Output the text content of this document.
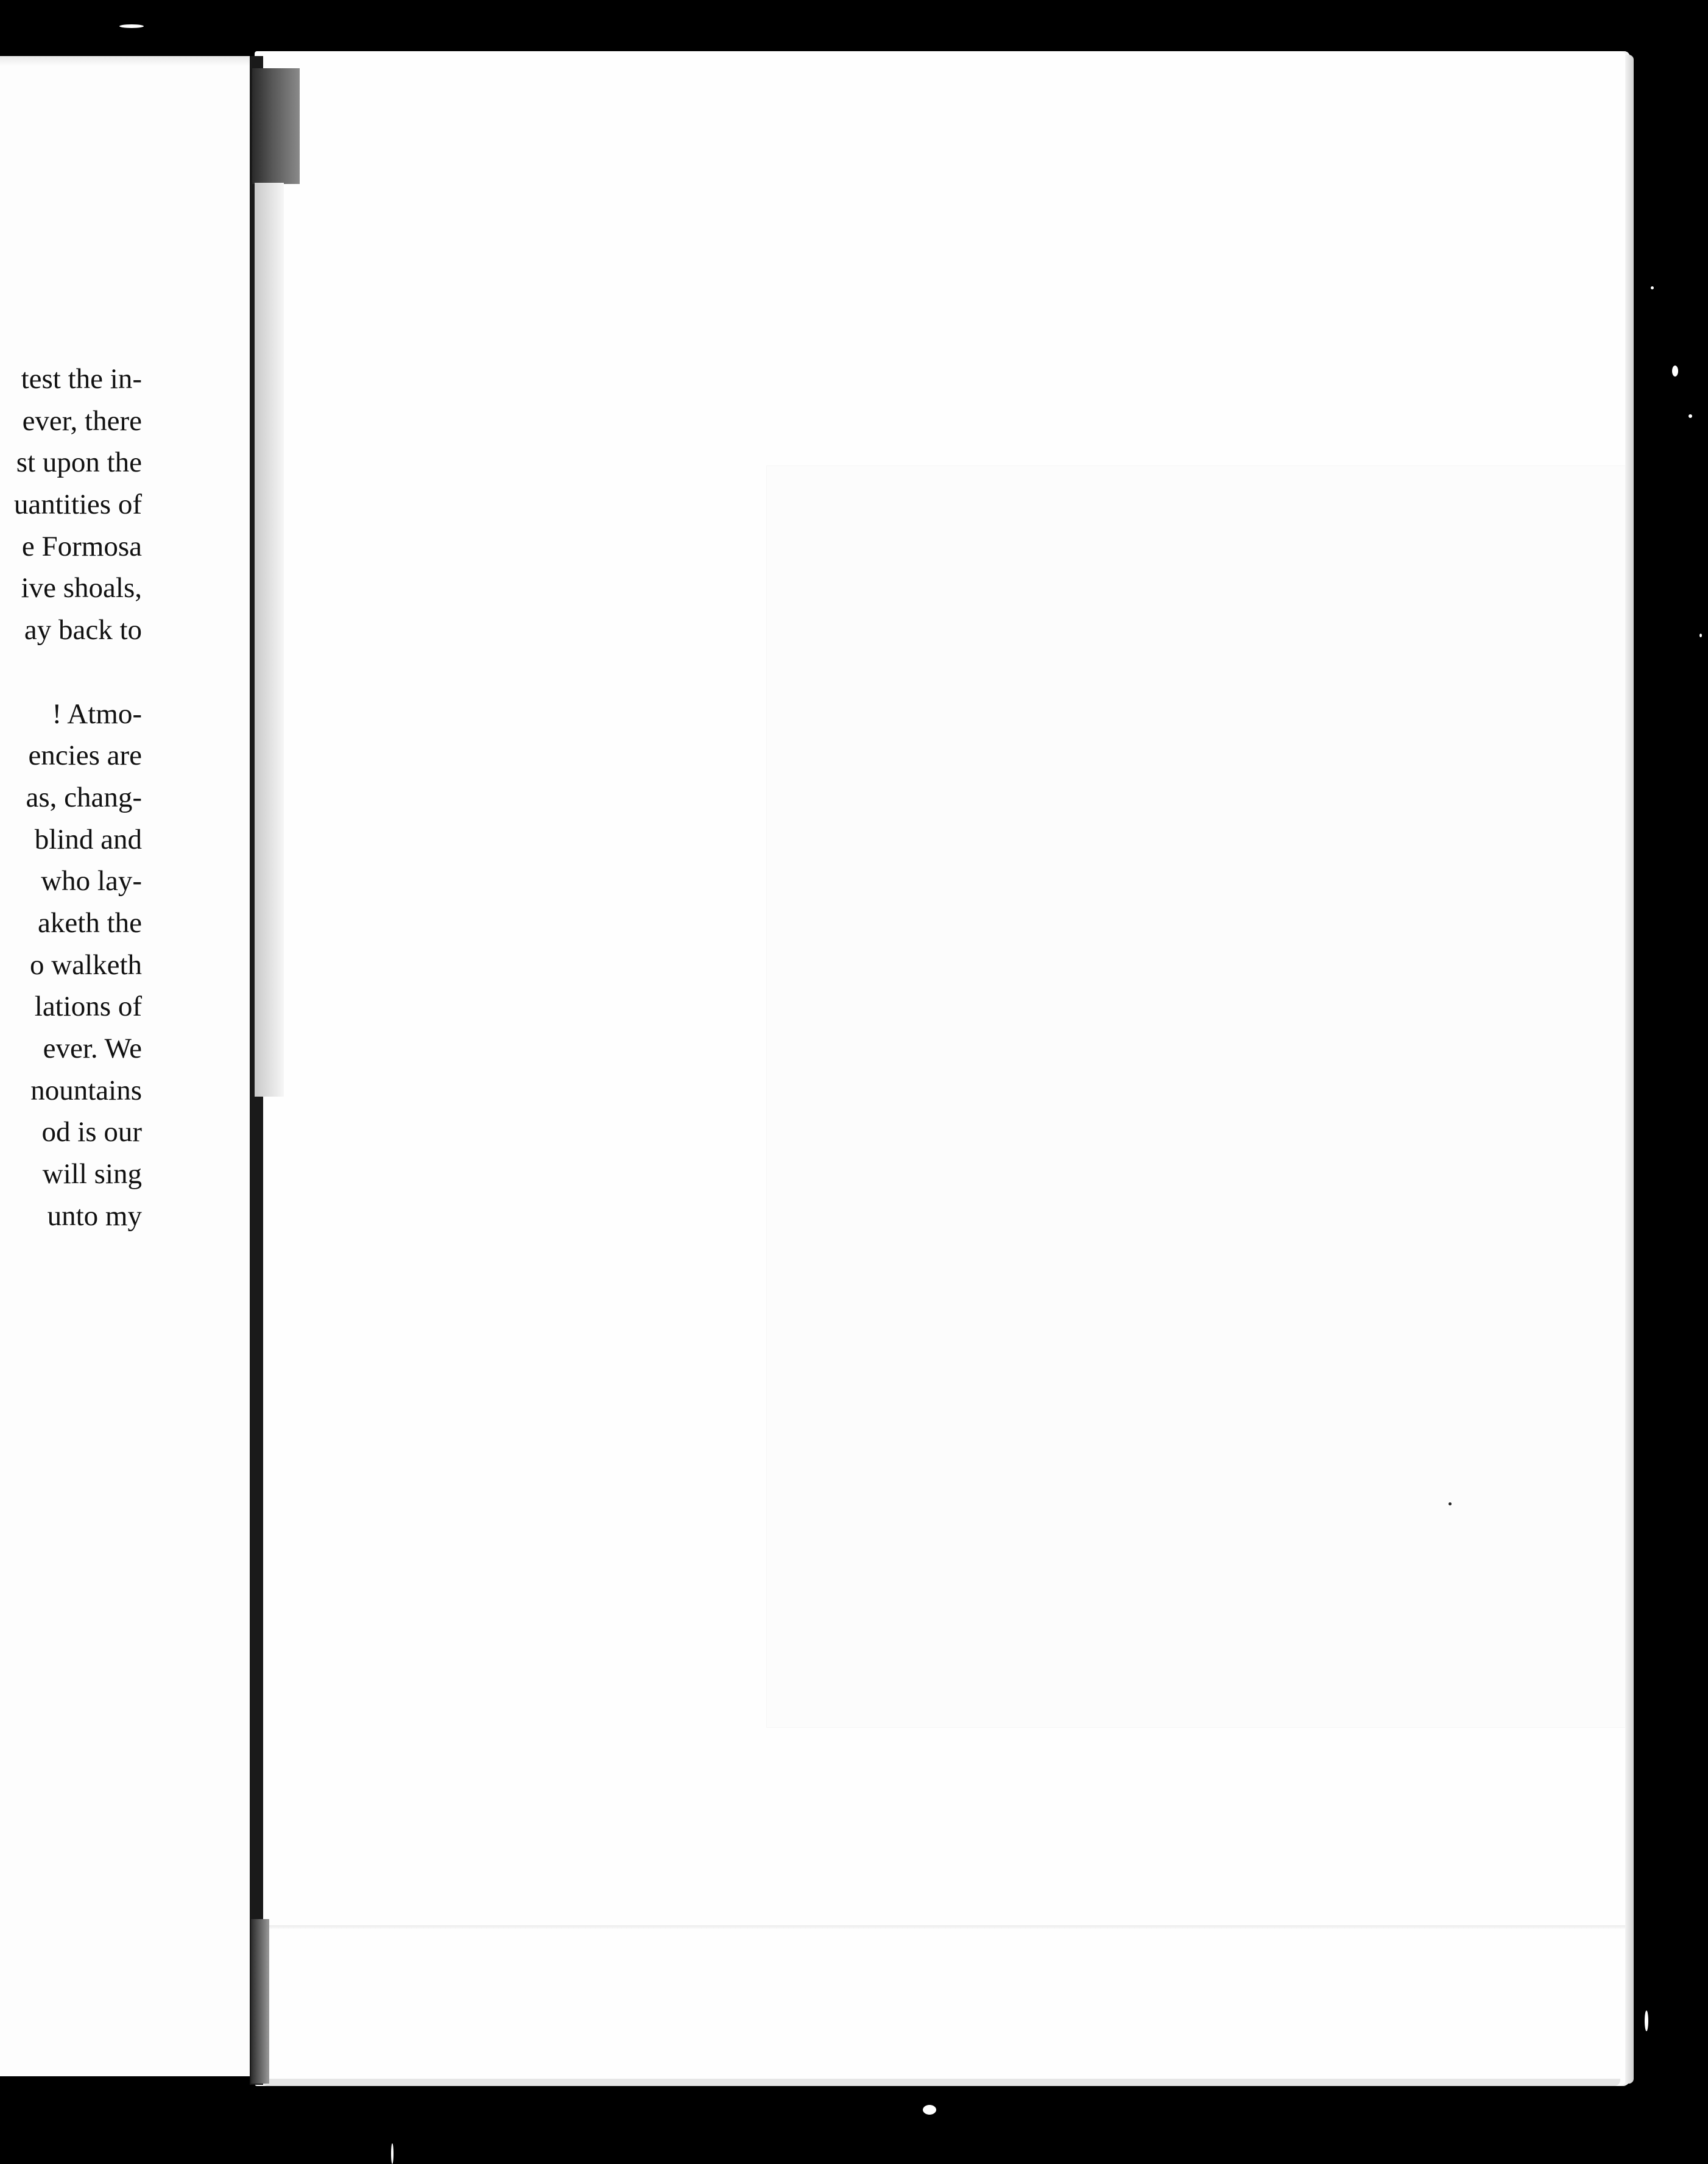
test the in-
ever, there
st upon the
uantities of
e Formosa
ive shoals,
ay back to
! Atmo-
encies are
as, chang-
blind and
who lay-
aketh the
o walketh
lations of
ever. We
nountains
od is our
will sing
unto my
